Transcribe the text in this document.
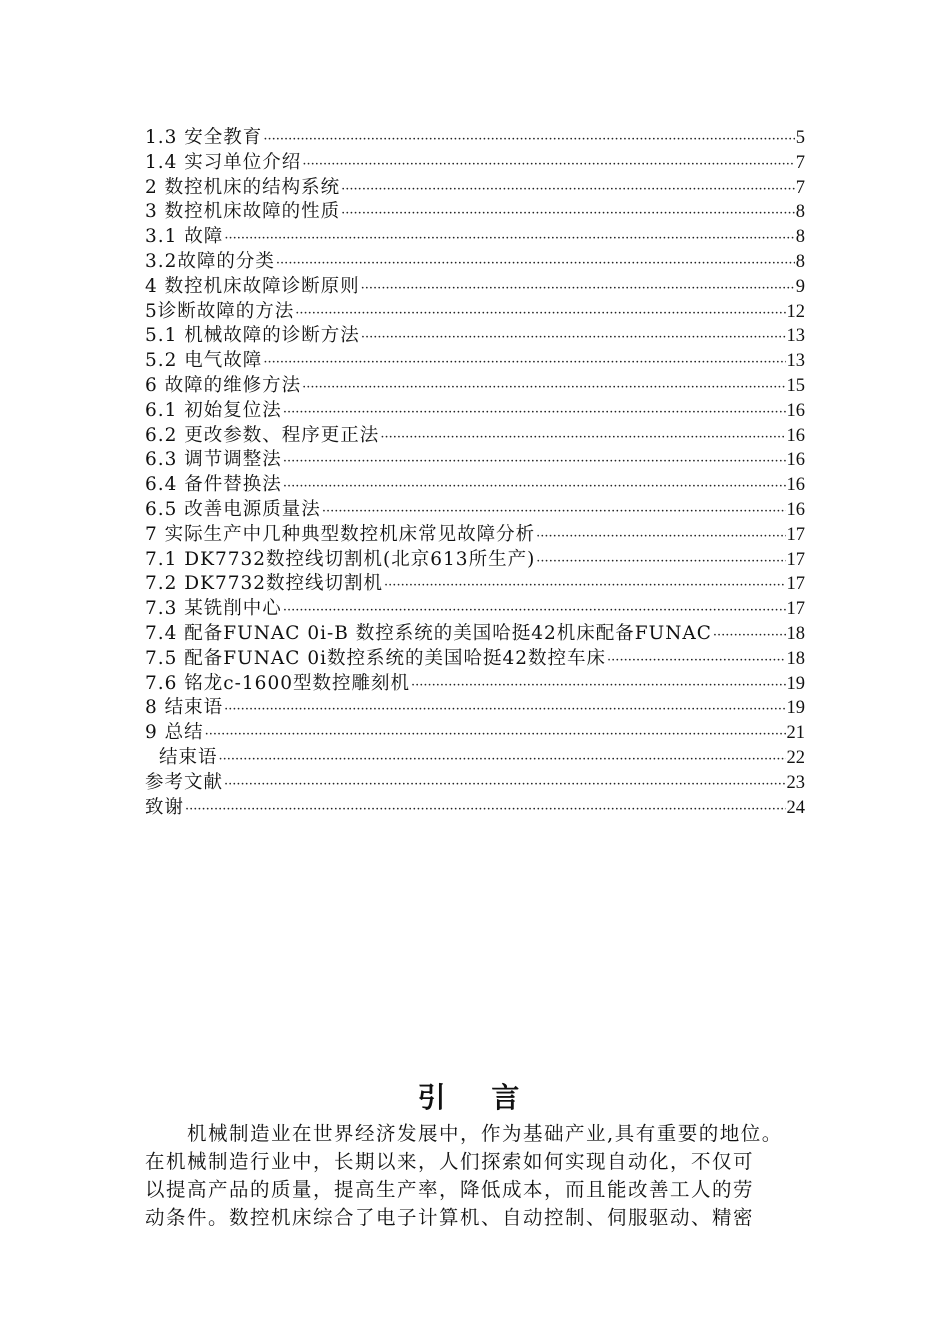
1.3 安全教育 ·····	5
1.4 实习单位介绍 ·····	7
2 数控机床的结构系统 ·····	7
3 数控机床故障的性质 ·····	8
3.1 故障 ·····	8
3.2故障的分类 ·····	8
4 数控机床故障诊断原则 ·····	9
5诊断故障的方法 ·····	12
5.1 机械故障的诊断方法 ·····	13
5.2 电气故障 ·····	13
6 故障的维修方法 ·····	15
6.1 初始复位法 ·····	16
6.2 更改参数、程序更正法 ·····	16
6.3 调节调整法 ·····	16
6.4 备件替换法 ·····	16
6.5 改善电源质量法 ·····	16
7 实际生产中几种典型数控机床常见故障分析 ·····	17
7.1 DK7732数控线切割机(北京613所生产) ·····	17
7.2 DK7732数控线切割机 ·····	17
7.3 某铣削中心 ·····	17
7.4 配备FUNAC 0i-B 数控系统的美国哈挺42机床配备FUNAC ·····	18
7.5 配备FUNAC 0i数控系统的美国哈挺42数控车床 ·····	18
7.6 铭龙c-1600型数控雕刻机 ·····	19
8 结束语 ·····	19
9 总结 ·····	21
结束语 ·····	22
参考文献 ·····	23
致谢 ·····	24
引 言
机械制造业在世界经济发展中，作为基础产业,具有重要的地位。
在机械制造行业中，长期以来，人们探索如何实现自动化，不仅可
以提高产品的质量，提高生产率，降低成本，而且能改善工人的劳
动条件。数控机床综合了电子计算机、自动控制、伺服驱动、精密
